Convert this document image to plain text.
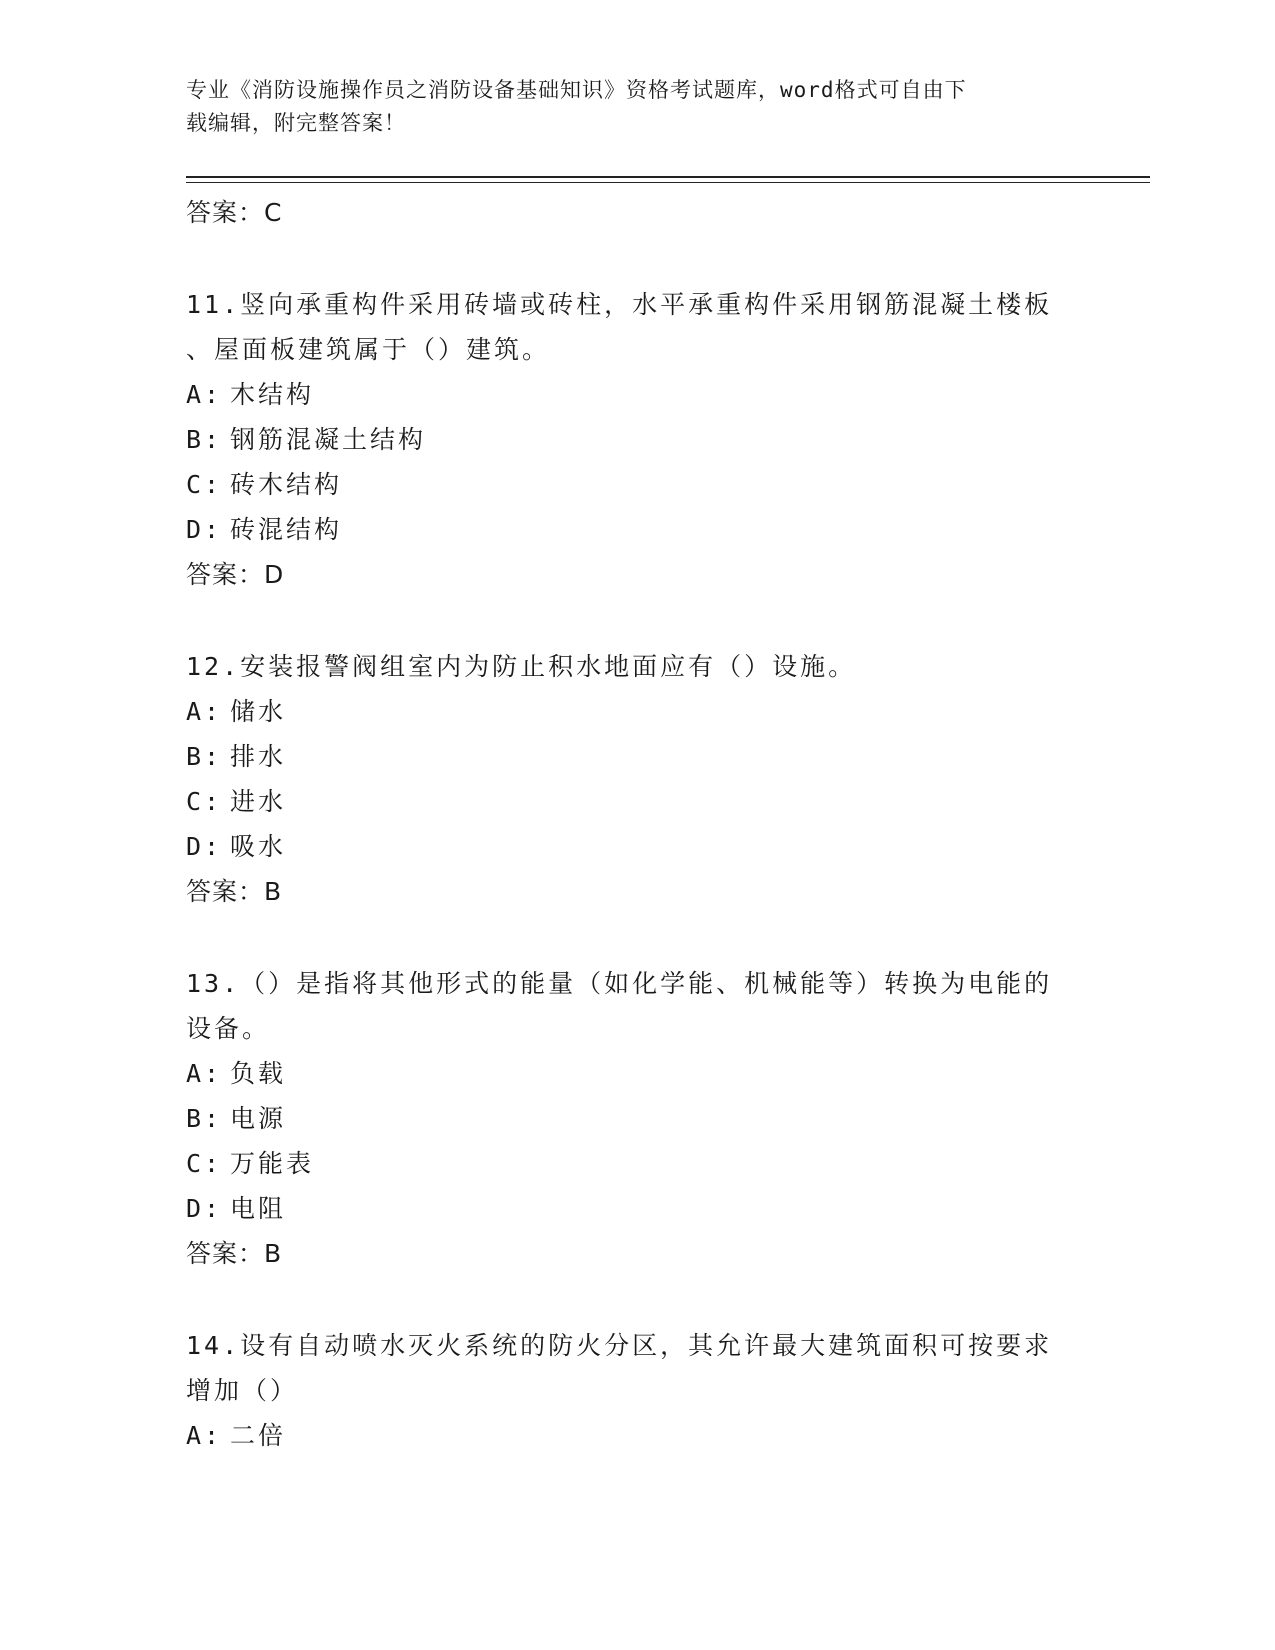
专业《消防设施操作员之消防设备基础知识》资格考试题库，word格式可自由下
载编辑，附完整答案！
答案：C
11.竖向承重构件采用砖墙或砖柱，水平承重构件采用钢筋混凝土楼板
、屋面板建筑属于（）建筑。
A: 木结构
B: 钢筋混凝土结构
C: 砖木结构
D: 砖混结构
答案：D
12.安装报警阀组室内为防止积水地面应有（）设施。
A: 储水
B: 排水
C: 进水
D: 吸水
答案：B
13.（）是指将其他形式的能量（如化学能、机械能等）转换为电能的
设备。
A: 负载
B: 电源
C: 万能表
D: 电阻
答案：B
14.设有自动喷水灭火系统的防火分区，其允许最大建筑面积可按要求
增加（）
A: 二倍
